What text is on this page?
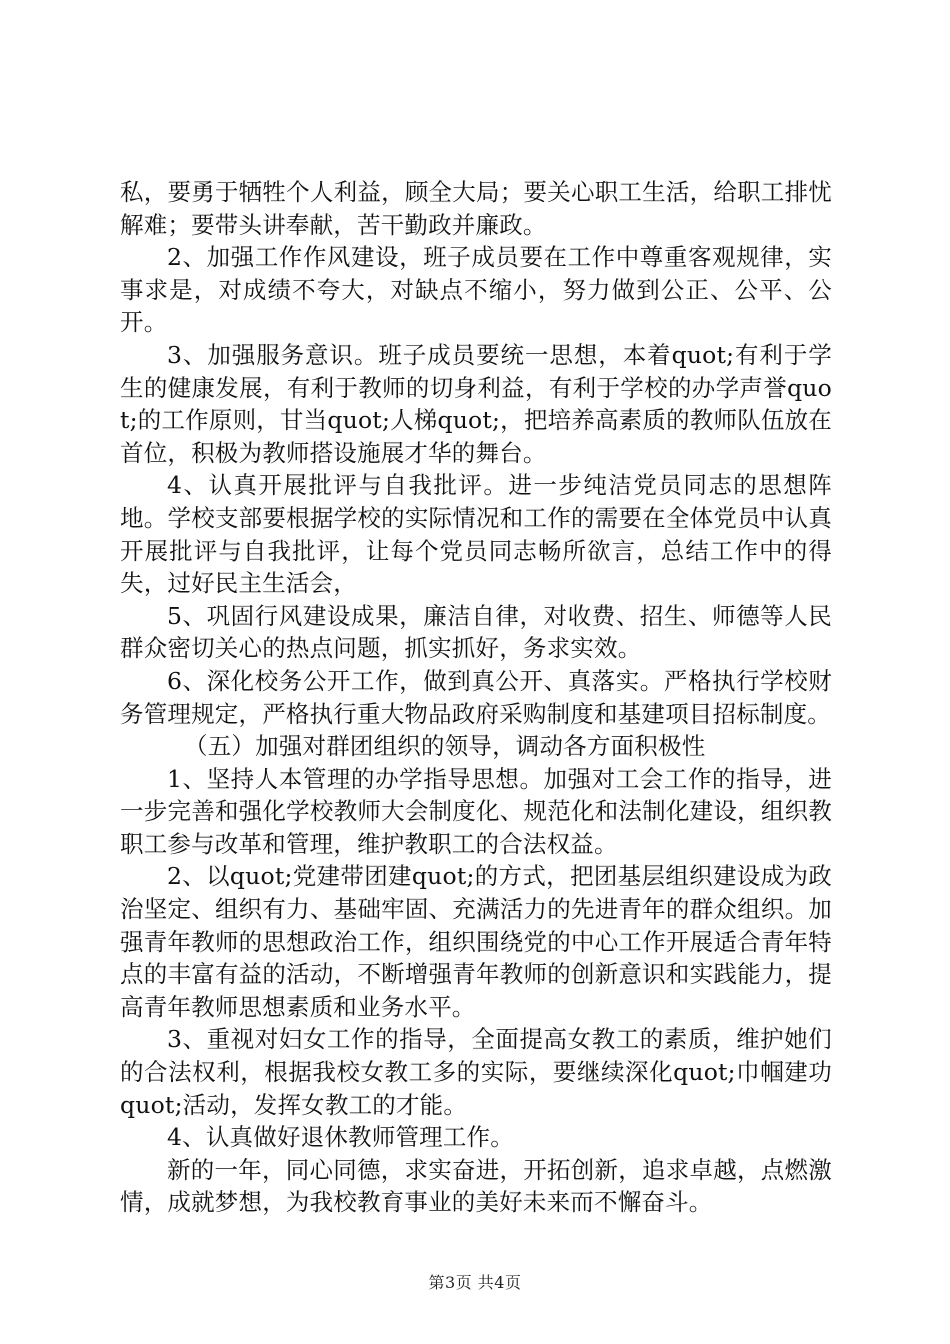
私，要勇于牺牲个人利益，顾全大局；要关心职工生活，给职工排忧解难；要带头讲奉献，苦干勤政并廉政。

2、加强工作作风建设，班子成员要在工作中尊重客观规律，实事求是，对成绩不夸大，对缺点不缩小，努力做到公正、公平、公开。

3、加强服务意识。班子成员要统一思想，本着quot;有利于学生的健康发展，有利于教师的切身利益，有利于学校的办学声誉quot;的工作原则，甘当quot;人梯quot;，把培养高素质的教师队伍放在首位，积极为教师搭设施展才华的舞台。

4、认真开展批评与自我批评。进一步纯洁党员同志的思想阵地。学校支部要根据学校的实际情况和工作的需要在全体党员中认真开展批评与自我批评，让每个党员同志畅所欲言，总结工作中的得失，过好民主生活会，

5、巩固行风建设成果，廉洁自律，对收费、招生、师德等人民群众密切关心的热点问题，抓实抓好，务求实效。

6、深化校务公开工作，做到真公开、真落实。严格执行学校财务管理规定，严格执行重大物品政府采购制度和基建项目招标制度。

（五）加强对群团组织的领导，调动各方面积极性

1、坚持人本管理的办学指导思想。加强对工会工作的指导，进一步完善和强化学校教师大会制度化、规范化和法制化建设，组织教职工参与改革和管理，维护教职工的合法权益。

2、以quot;党建带团建quot;的方式，把团基层组织建设成为政治坚定、组织有力、基础牢固、充满活力的先进青年的群众组织。加强青年教师的思想政治工作，组织围绕党的中心工作开展适合青年特点的丰富有益的活动，不断增强青年教师的创新意识和实践能力，提高青年教师思想素质和业务水平。

3、重视对妇女工作的指导，全面提高女教工的素质，维护她们的合法权利，根据我校女教工多的实际，要继续深化quot;巾帼建功quot;活动，发挥女教工的才能。

4、认真做好退休教师管理工作。

新的一年，同心同德，求实奋进，开拓创新，追求卓越，点燃激情，成就梦想，为我校教育事业的美好未来而不懈奋斗。

第3页 共4页
